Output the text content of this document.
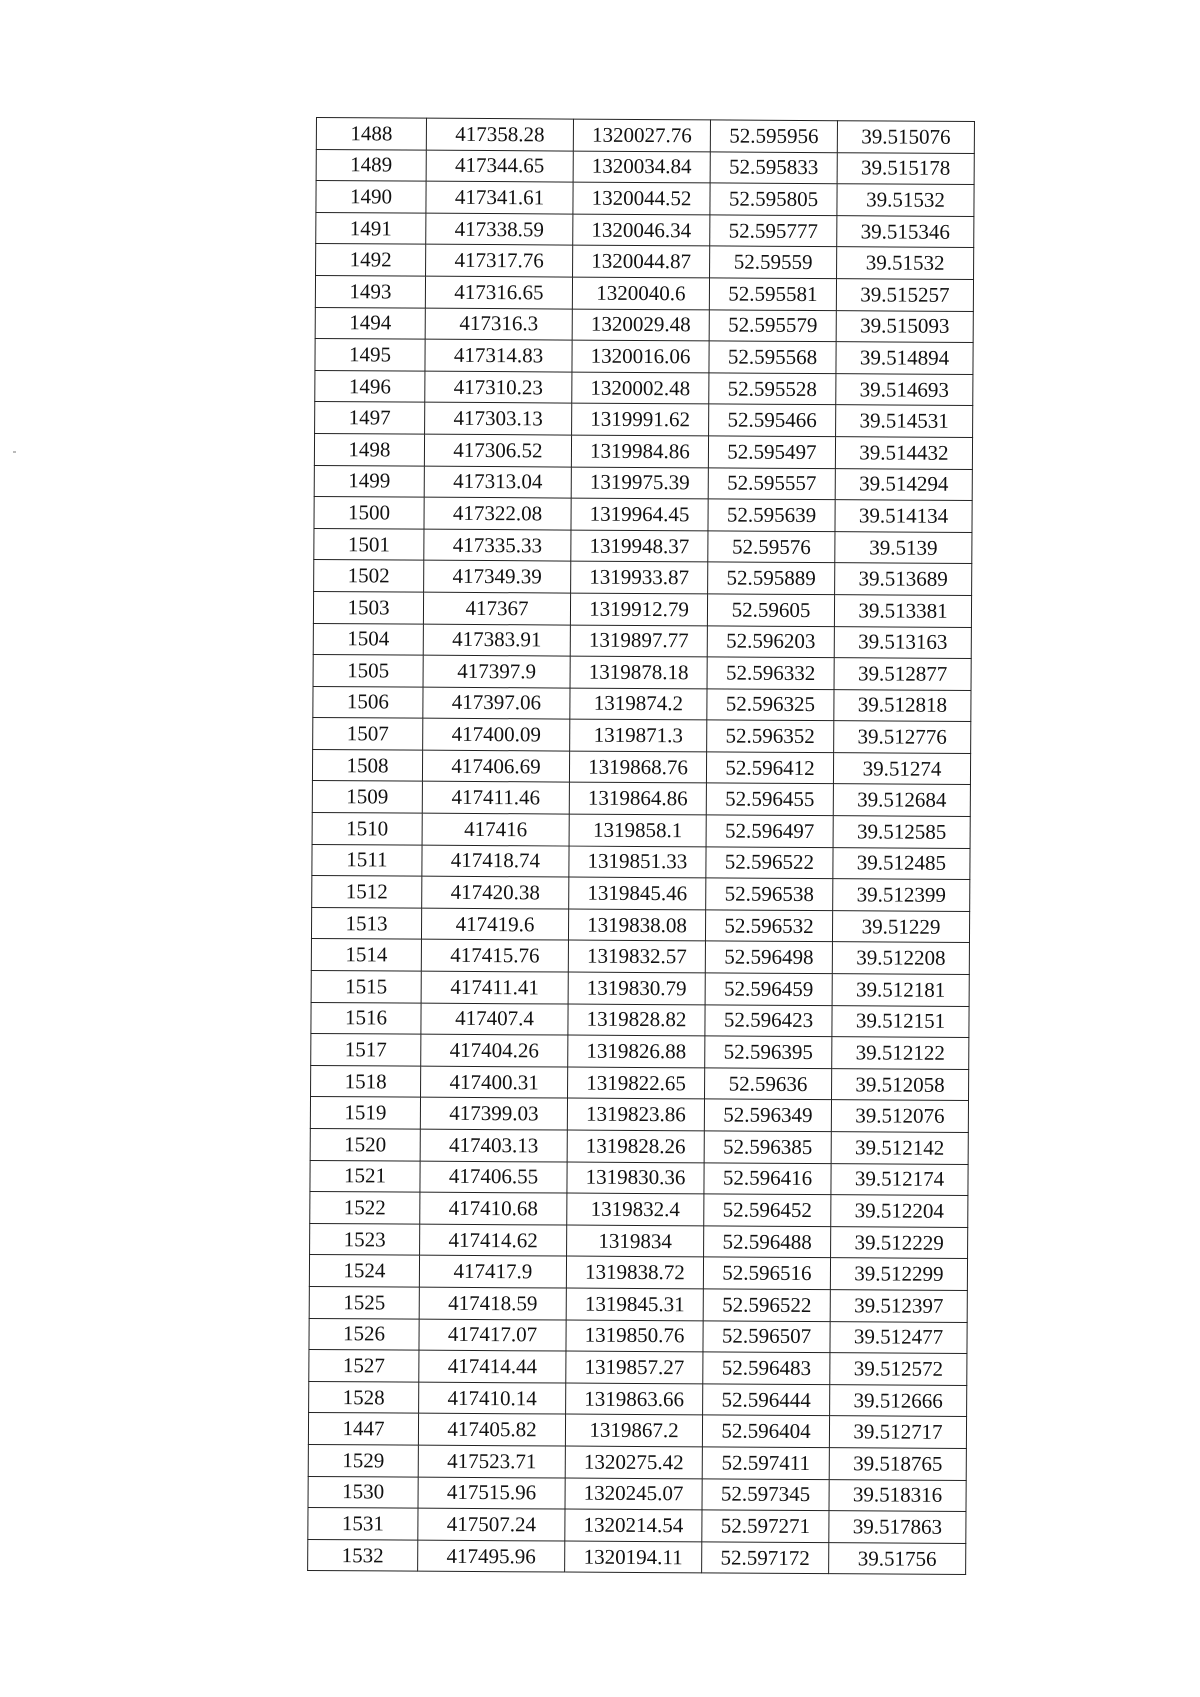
1488	417358.28	1320027.76	52.595956	39.515076
1489	417344.65	1320034.84	52.595833	39.515178
1490	417341.61	1320044.52	52.595805	39.51532
1491	417338.59	1320046.34	52.595777	39.515346
1492	417317.76	1320044.87	52.59559	39.51532
1493	417316.65	1320040.6	52.595581	39.515257
1494	417316.3	1320029.48	52.595579	39.515093
1495	417314.83	1320016.06	52.595568	39.514894
1496	417310.23	1320002.48	52.595528	39.514693
1497	417303.13	1319991.62	52.595466	39.514531
1498	417306.52	1319984.86	52.595497	39.514432
1499	417313.04	1319975.39	52.595557	39.514294
1500	417322.08	1319964.45	52.595639	39.514134
1501	417335.33	1319948.37	52.59576	39.5139
1502	417349.39	1319933.87	52.595889	39.513689
1503	417367	1319912.79	52.59605	39.513381
1504	417383.91	1319897.77	52.596203	39.513163
1505	417397.9	1319878.18	52.596332	39.512877
1506	417397.06	1319874.2	52.596325	39.512818
1507	417400.09	1319871.3	52.596352	39.512776
1508	417406.69	1319868.76	52.596412	39.51274
1509	417411.46	1319864.86	52.596455	39.512684
1510	417416	1319858.1	52.596497	39.512585
1511	417418.74	1319851.33	52.596522	39.512485
1512	417420.38	1319845.46	52.596538	39.512399
1513	417419.6	1319838.08	52.596532	39.51229
1514	417415.76	1319832.57	52.596498	39.512208
1515	417411.41	1319830.79	52.596459	39.512181
1516	417407.4	1319828.82	52.596423	39.512151
1517	417404.26	1319826.88	52.596395	39.512122
1518	417400.31	1319822.65	52.59636	39.512058
1519	417399.03	1319823.86	52.596349	39.512076
1520	417403.13	1319828.26	52.596385	39.512142
1521	417406.55	1319830.36	52.596416	39.512174
1522	417410.68	1319832.4	52.596452	39.512204
1523	417414.62	1319834	52.596488	39.512229
1524	417417.9	1319838.72	52.596516	39.512299
1525	417418.59	1319845.31	52.596522	39.512397
1526	417417.07	1319850.76	52.596507	39.512477
1527	417414.44	1319857.27	52.596483	39.512572
1528	417410.14	1319863.66	52.596444	39.512666
1447	417405.82	1319867.2	52.596404	39.512717
1529	417523.71	1320275.42	52.597411	39.518765
1530	417515.96	1320245.07	52.597345	39.518316
1531	417507.24	1320214.54	52.597271	39.517863
1532	417495.96	1320194.11	52.597172	39.51756
